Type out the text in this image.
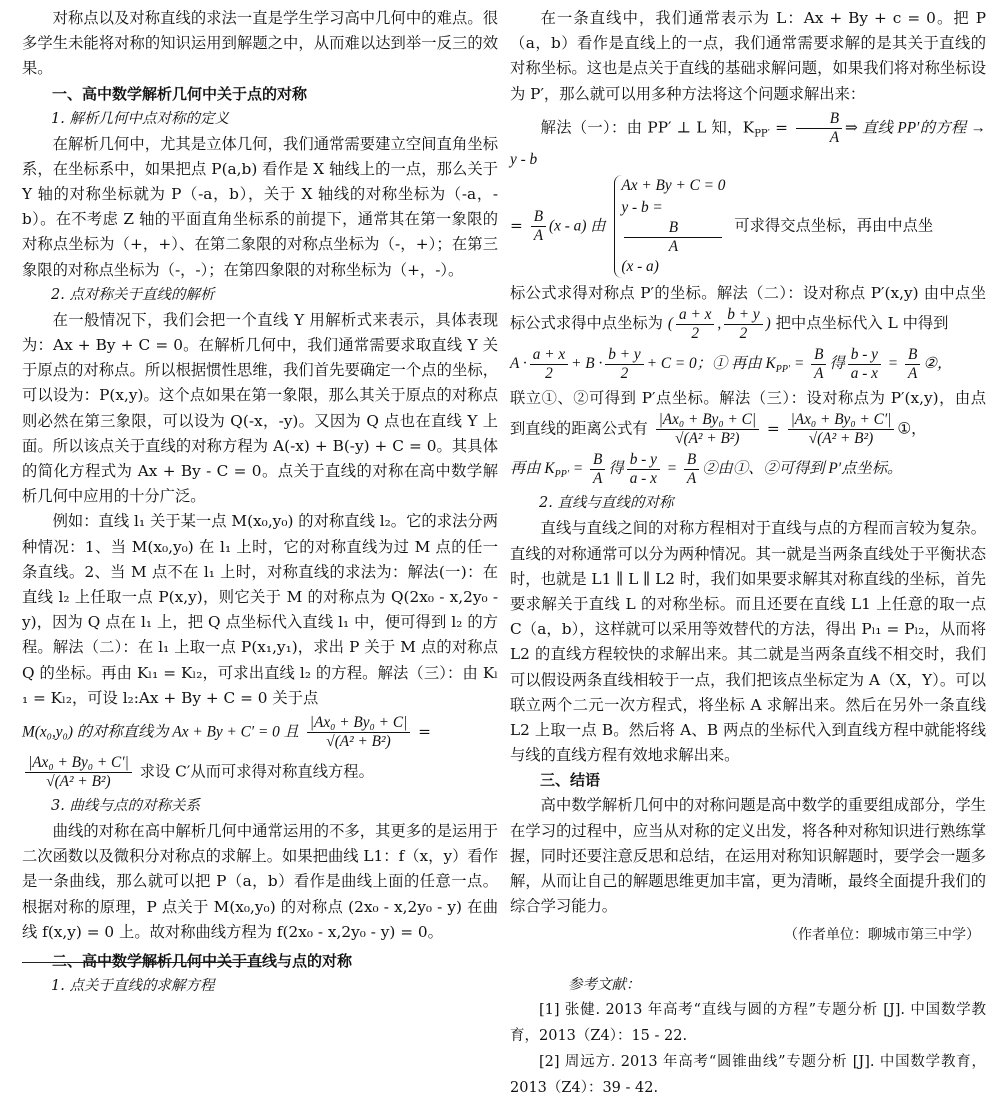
对称点以及对称直线的求法一直是学生学习高中几何中的难点。很多学生未能将对称的知识运用到解题之中，从而难以达到举一反三的效果。

一、高中数学解析几何中关于点的对称

1. 解析几何中点对称的定义

在解析几何中，尤其是立体几何，我们通常需要建立空间直角坐标系，在坐标系中，如果把点 P(a,b) 看作是 X 轴线上的一点，那么关于 Y 轴的对称坐标就为 P（-a，b），关于 X 轴线的对称坐标为（-a，-b）。在不考虑 Z 轴的平面直角坐标系的前提下，通常其在第一象限的对称点坐标为（+，+）、在第二象限的对称点坐标为（-，+）；在第三象限的对称点坐标为（-，-）；在第四象限的对称坐标为（+，-）。

2. 点对称关于直线的解析

在一般情况下，我们会把一个直线 Y 用解析式来表示，具体表现为：Ax + By + C = 0。在解析几何中，我们通常需要求取直线 Y 关于原点的对称点。所以根据惯性思维，我们首先要确定一个点的坐标，可以设为：P(x,y)。这个点如果在第一象限，那么其关于原点的对称点则必然在第三象限，可以设为 Q(-x，-y)。又因为 Q 点也在直线 Y 上面。所以该点关于直线的对称方程为 A(-x) + B(-y) + C = 0。其具体的简化方程式为 Ax + By - C = 0。点关于直线的对称在高中数学解析几何中应用的十分广泛。

例如：直线 l₁ 关于某一点 M(x₀,y₀) 的对称直线 l₂。它的求法分两种情况：1、当 M(x₀,y₀) 在 l₁ 上时，它的对称直线为过 M 点的任一条直线。2、当 M 点不在 l₁ 上时，对称直线的求法为：解法(一)：在直线 l₂ 上任取一点 P(x,y)，则它关于 M 的对称点为 Q(2x₀ - x,2y₀ - y)，因为 Q 点在 l₁ 上，把 Q 点坐标代入直线 l₁ 中，便可得到 l₂ 的方程。解法（二）：在 l₁ 上取一点 P(x₁,y₁)，求出 P 关于 M 点的对称点 Q 的坐标。再由 Kₗ₁ = Kₗ₂，可求出直线 l₂ 的方程。解法（三）：由 Kₗ₁ = Kₗ₂，可设 l₂:Ax + By + C = 0 关于点

M(x₀,y₀) 的对称直线为 Ax + By + C′ = 0 且 $\frac{\text{|Ax₀ + By₀ + C|}}{\text{√(A² + B²)}}$ =

$\frac{\text{|Ax₀ + By₀ + C′|}}{\text{√(A² + B²)}}$ 求设 C′从而可求得对称直线方程。

3. 曲线与点的对称关系

曲线的对称在高中解析几何中通常运用的不多，其更多的是运用于二次函数以及微积分对称点的求解上。如果把曲线 L1：f（x，y）看作是一条曲线，那么就可以把 P（a，b）看作是曲线上面的任意一点。根据对称的原理，P 点关于 M(x₀,y₀) 的对称点 (2x₀ - x,2y₀ - y) 在曲线 f(x,y) = 0 上。故对称曲线方程为 f(2x₀ - x,2y₀ - y) = 0。

二、高中数学解析几何中关于直线与点的对称

1. 点关于直线的求解方程

在一条直线中，我们通常表示为 L：Ax + By + c = 0。把 P（a，b）看作是直线上的一点，我们通常需要求解的是其关于直线的对称坐标。这也是点关于直线的基础求解问题，如果我们将对称坐标设为 P′，那么就可以用多种方法将这个问题求解出来：

解法（一）：由 PP′ ⊥ L 知，$K_{PP'} = \frac{B}{A}$ ⇒ 直线 PP′的方程 → y - b

= $\frac{B}{A} (x - a)$ 由
Ax + By + C = 0
y - b =
B
A
(x - a)
可求得交点坐标，再由中点坐

标公式求得对称点 P′的坐标。解法（二）：设对称点 P′(x,y) 由中点坐标公式求得中点坐标为 ( $\frac{a + x}{2}$ , $\frac{b + y}{2}$ ) 把中点坐标代入 L 中得到

$A \cdot \frac{a + x}{2} + B \cdot \frac{b + y}{2} + C = 0$；① 再由 $K_{PP'} = \frac{B}{A}$ 得 $\frac{b - y}{a - x} = \frac{B}{A}$ ②，

联立①、②可得到 P′点坐标。解法（三）：设对称点为 P′(x,y)，由点到直线的距离公式有 $\frac{\text{|Ax₀ + By₀ + C|}}{\text{√(A² + B²)}} = \frac{\text{|Ax₀ + By₀ + C′|}}{\text{√(A² + B²)}}$ ①，

再由 $K_{PP'} = \frac{B}{A}$ 得 $\frac{b - y}{a - x} = \frac{B}{A}$ ②由①、②可得到 P′点坐标。

2. 直线与直线的对称

直线与直线之间的对称方程相对于直线与点的方程而言较为复杂。直线的对称通常可以分为两种情况。其一就是当两条直线处于平衡状态时，也就是 L1 ∥ L ∥ L2 时，我们如果要求解其对称直线的坐标，首先要求解关于直线 L 的对称坐标。而且还要在直线 L1 上任意的取一点 C（a，b），这样就可以采用等效替代的方法，得出 Pₗ₁ = Pₗ₂，从而将 L2 的直线方程较快的求解出来。其二就是当两条直线不相交时，我们可以假设两条直线相较于一点，我们把该点坐标定为 A（X，Y）。可以联立两个二元一次方程式，将坐标 A 求解出来。然后在另外一条直线 L2 上取一点 B。然后将 A、B 两点的坐标代入到直线方程中就能将线与线的直线方程有效地求解出来。

三、结语

高中数学解析几何中的对称问题是高中数学的重要组成部分，学生在学习的过程中，应当从对称的定义出发，将各种对称知识进行熟练掌握，同时还要注意反思和总结，在运用对称知识解题时，要学会一题多解，从而让自己的解题思维更加丰富，更为清晰，最终全面提升我们的综合学习能力。

（作者单位：聊城市第三中学）

参考文献：

[1] 张健. 2013 年高考“直线与圆的方程”专题分析 [J]. 中国数学教育，2013（Z4）：15 - 22.

[2] 周远方. 2013 年高考“圆锥曲线”专题分析 [J]. 中国数学教育，2013（Z4）：39 - 42.
